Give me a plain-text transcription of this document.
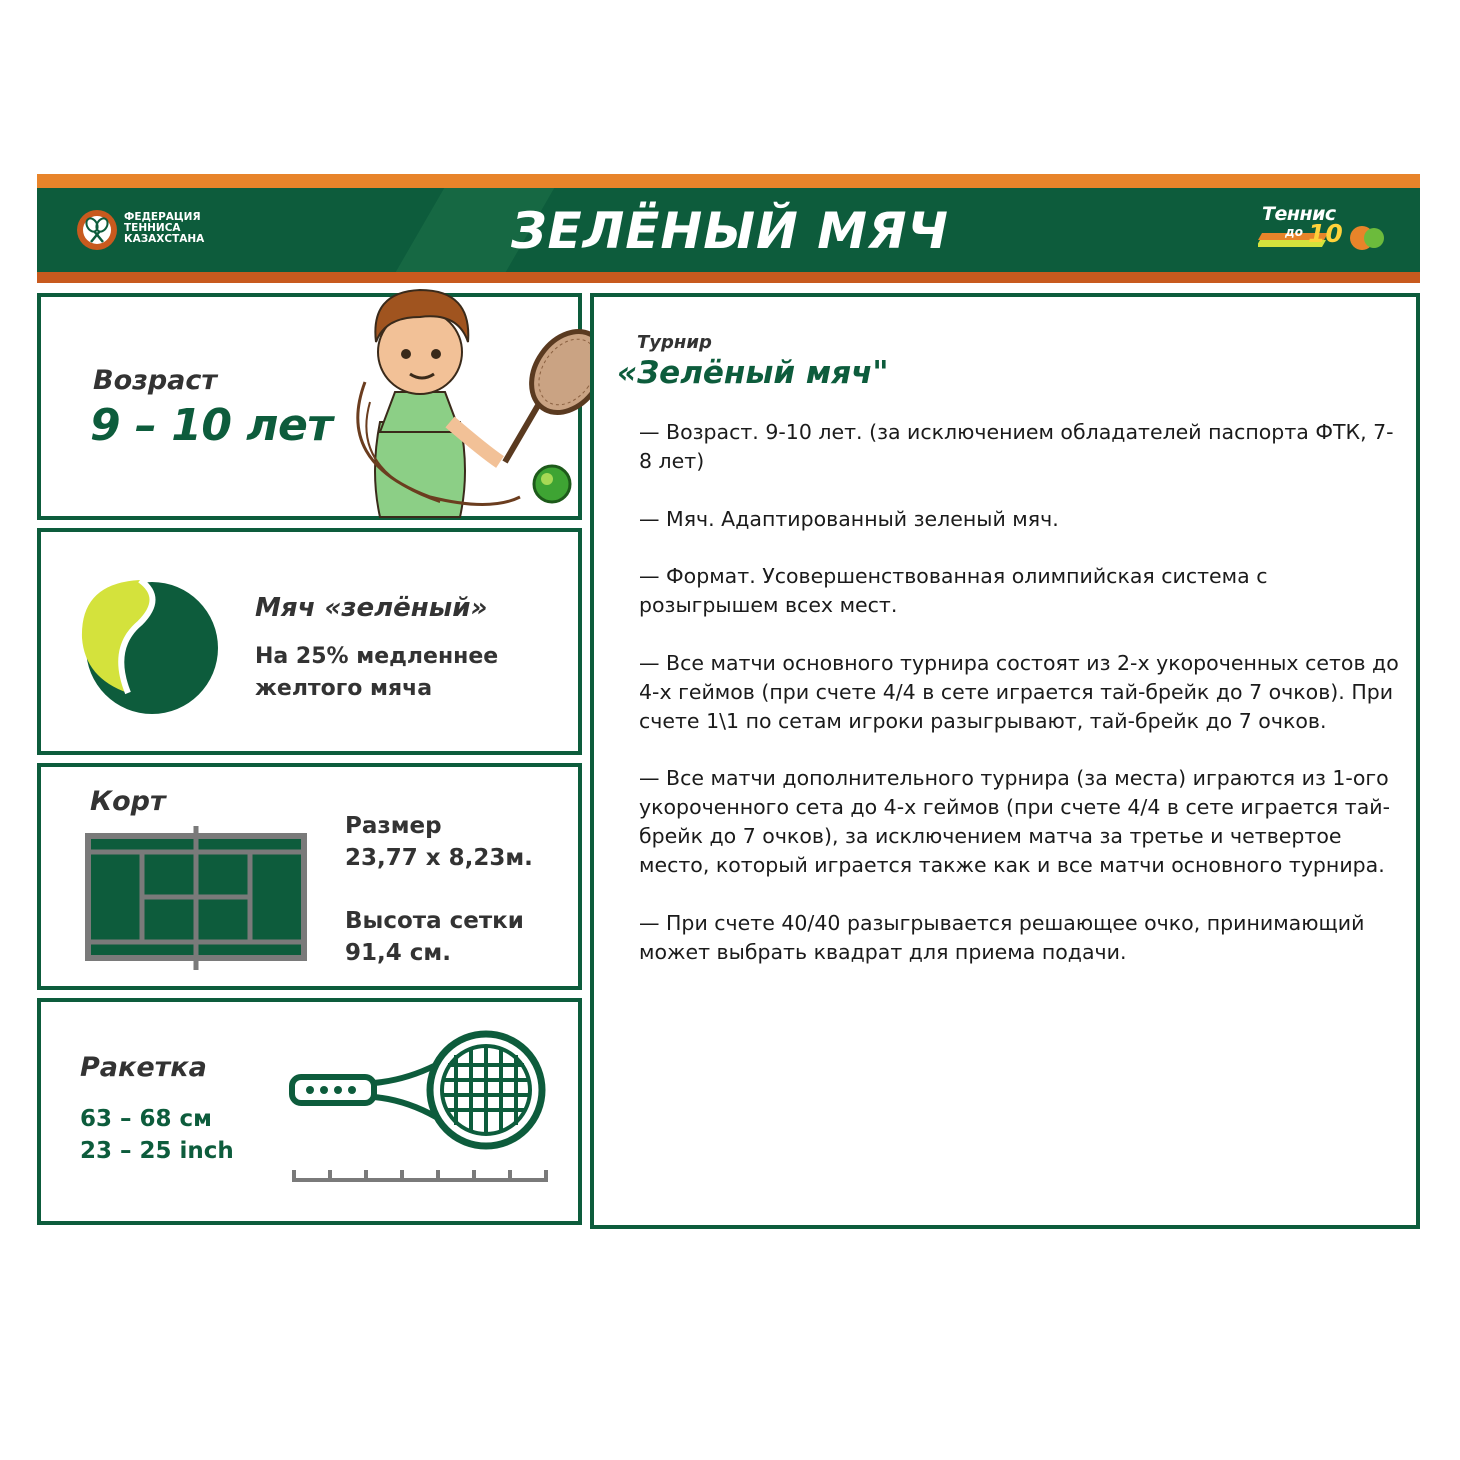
ФЕДЕРАЦИЯ
ТЕННИСА
КАЗАХСТАНА	ЗЕЛЁНЫЙ МЯЧ	Теннис
до 10
Возраст
9 – 10 лет
Мяч «зелёный»
На 25% медленнее
желтого мяча
Корт
Размер
23,77 x 8,23м.
Высота сетки
91,4 см.
Ракетка
63 – 68 см
23 – 25 inch
Турнир
«Зелёный мяч"

— Возраст. 9-10 лет. (за исключением обладателей паспорта ФТК, 7-8 лет)

— Мяч. Адаптированный зеленый мяч.

— Формат. Усовершенствованная олимпийская система с розыгрышем всех мест.

— Все матчи основного турнира состоят из 2-х укороченных сетов до 4-х геймов (при счете 4/4 в сете играется тай-брейк до 7 очков). При счете 1\1 по сетам игроки разыгрывают, тай-брейк до 7 очков.

— Все матчи дополнительного турнира (за места) играются из 1-ого укороченного сета до 4-х геймов (при счете 4/4 в сете играется тай-брейк до 7 очков), за исключением матча за третье и четвертое место, который играется также как и все матчи основного турнира.

— При счете 40/40 разыгрывается решающее очко, принимающий может выбрать квадрат для приема подачи.
